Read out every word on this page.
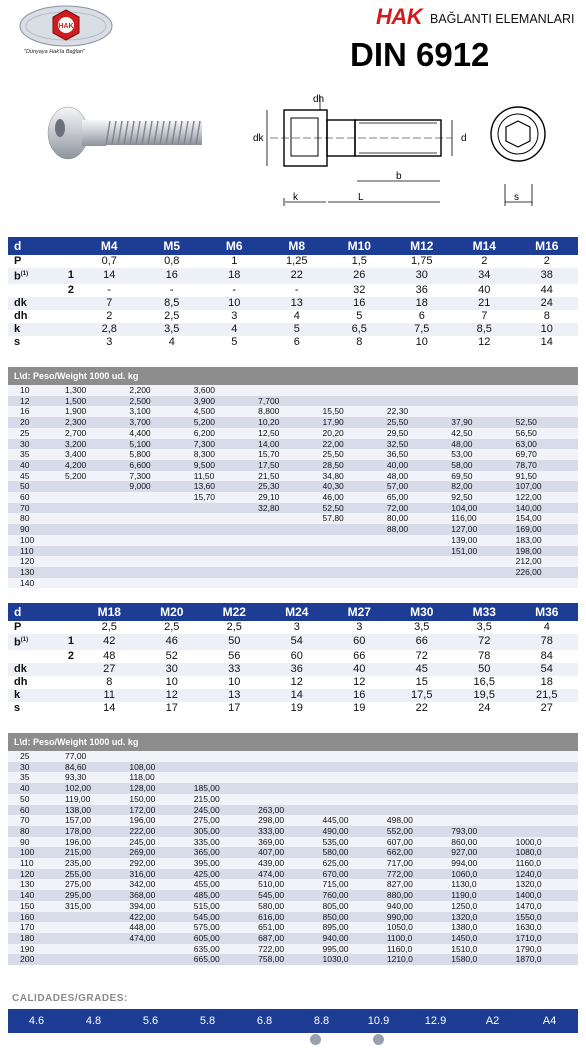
HAK
"Dünyaya Hak'la Bağlan"
HAK BAĞLANTI ELEMANLARI
DIN 6912
dh
dk
k	L
b
d
s
d		M4	M5	M6	M8	M10	M12	M14	M16
P		0,7	0,8	1	1,25	1,5	1,75	2	2
$b^{(1)}$	1	14	16	18	22	26	30	34	38
	2	-	-	-	-	32	36	40	44
dk		7	8,5	10	13	16	18	21	24
dh		2	2,5	3	4	5	6	7	8
k		2,8	3,5	4	5	6,5	7,5	8,5	10
s		3	4	5	6	8	10	12	14
L\d: Peso/Weight 1000 ud. kg								
10	1,300	2,200	3,600					
12	1,500	2,500	3,900	7,700				
16	1,900	3,100	4,500	8,800	15,50	22,30		
20	2,300	3,700	5,200	10,20	17,90	25,50	37,90	52,50
25	2,700	4,400	6,200	12,50	20,20	29,50	42,50	56,50
30	3,200	5,100	7,300	14,00	22,00	32,50	48,00	63,00
35	3,400	5,800	8,300	15,70	25,50	36,50	53,00	69,70
40	4,200	6,600	9,500	17,50	28,50	40,00	58,00	78,70
45	5,200	7,300	11,50	21,50	34,80	48,00	69,50	91,50
50		9,000	13,60	25,30	40,30	57,00	82,00	107,00
60			15,70	29,10	46,00	65,00	92,50	122,00
70				32,80	52,50	72,00	104,00	140,00
80					57,80	80,00	116,00	154,00
90						88,00	127,00	169,00
100							139,00	183,00
110							151,00	198,00
120								212,00
130								226,00
140								
d		M18	M20	M22	M24	M27	M30	M33	M36
P		2,5	2,5	2,5	3	3	3,5	3,5	4
$b^{(1)}$	1	42	46	50	54	60	66	72	78
	2	48	52	56	60	66	72	78	84
dk		27	30	33	36	40	45	50	54
dh		8	10	10	12	12	15	16,5	18
k		11	12	13	14	16	17,5	19,5	21,5
s		14	17	17	19	19	22	24	27
L\d: Peso/Weight 1000 ud. kg								
25	77,00							
30	84,60	108,00						
35	93,30	118,00						
40	102,00	128,00	185,00					
50	119,00	150,00	215,00					
60	138,00	172,00	245,00	263,00				
70	157,00	196,00	275,00	298,00	445,00	498,00		
80	178,00	222,00	305,00	333,00	490,00	552,00	793,00	
90	196,00	245,00	335,00	369,00	535,00	607,00	860,00	1000,0
100	215,00	269,00	365,00	407,00	580,00	662,00	927,00	1080,0
110	235,00	292,00	395,00	439,00	625,00	717,00	994,00	1160,0
120	255,00	316,00	425,00	474,00	670,00	772,00	1060,0	1240,0
130	275,00	342,00	455,00	510,00	715,00	827,00	1130,0	1320,0
140	295,00	368,00	485,00	545,00	760,00	880,00	1190,0	1400,0
150	315,00	394,00	515,00	580,00	805,00	940,00	1250,0	1470,0
160		422,00	545,00	616,00	850,00	990,00	1320,0	1550,0
170		448,00	575,00	651,00	895,00	1050,0	1380,0	1630,0
180		474,00	605,00	687,00	940,00	1100,0	1450,0	1710,0
190			635,00	722,00	995,00	1160,0	1510,0	1790,0
200			665,00	758,00	1030,0	1210,0	1580,0	1870,0
CALIDADES/GRADES:
4.6	4.8	5.6	5.8	6.8	8.8	10.9	12.9	A2	A4
